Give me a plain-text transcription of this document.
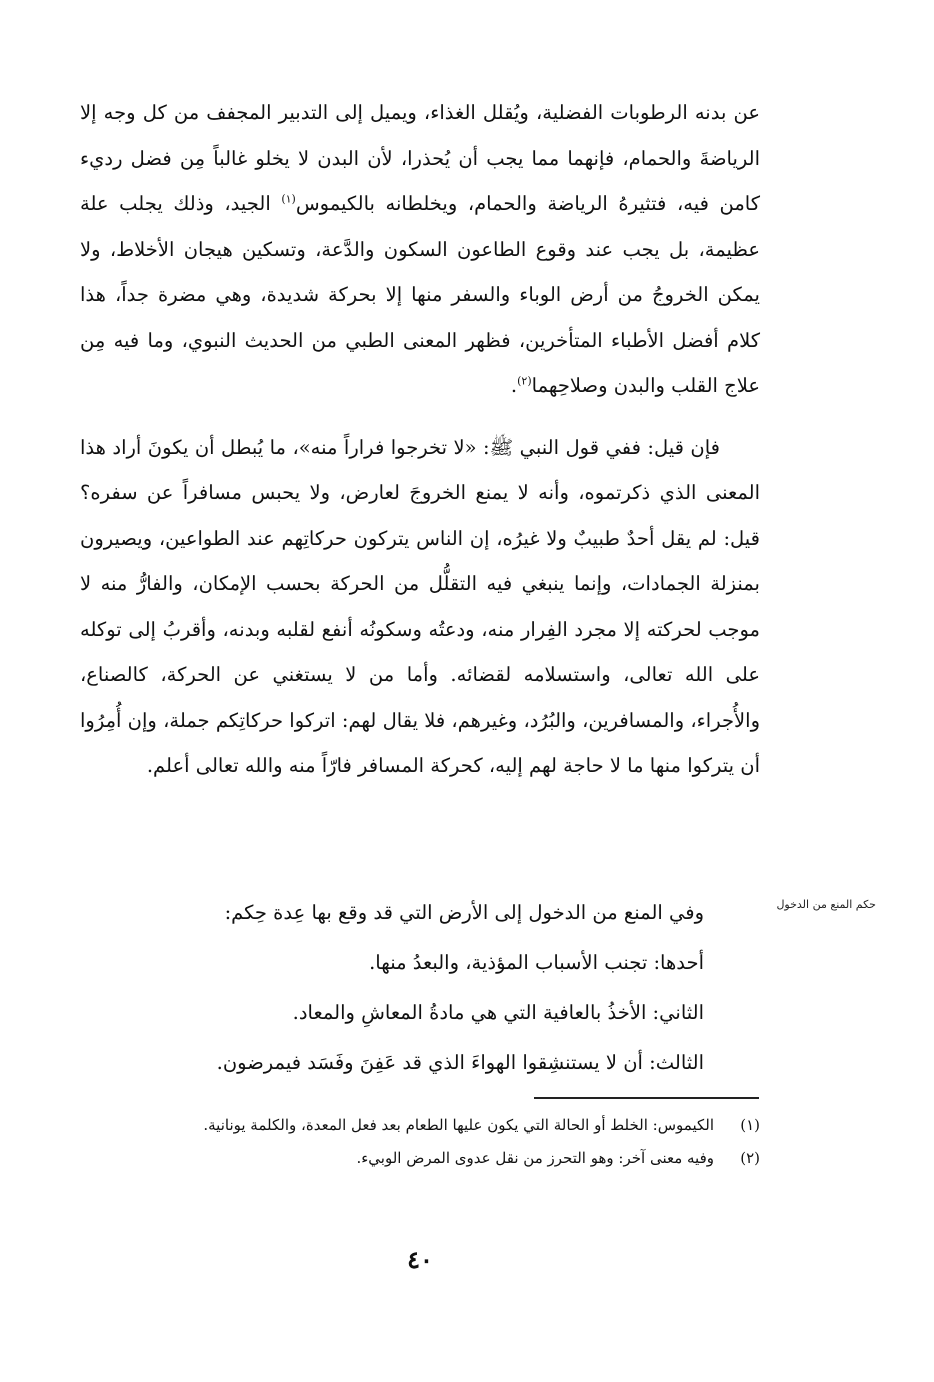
عن بدنه الرطوبات الفضلية، ويُقلل الغذاء، ويميل إلى التدبير المجفف من كل وجه إلا الرياضةَ والحمام، فإنهما مما يجب أن يُحذرا، لأن البدن لا يخلو غالباً مِن فضل رديء كامن فيه، فتثيرهُ الرياضة والحمام، ويخلطانه بالكيموس$^{(١)}$ الجيد، وذلك يجلب علة عظيمة، بل يجب عند وقوع الطاعون السكون والدَّعة، وتسكين هيجان الأخلاط، ولا يمكن الخروجُ من أرض الوباء والسفر منها إلا بحركة شديدة، وهي مضرة جداً، هذا كلام أفضل الأطباء المتأخرين، فظهر المعنى الطبي من الحديث النبوي، وما فيه مِن علاج القلب والبدن وصلاحِهما$^{(٢)}$.

فإن قيل: ففي قول النبي ﷺ: «لا تخرجوا فراراً منه»، ما يُبطل أن يكونَ أراد هذا المعنى الذي ذكرتموه، وأنه لا يمنع الخروجَ لعارض، ولا يحبس مسافراً عن سفره؟ قيل: لم يقل أحدٌ طبيبٌ ولا غيرُه، إن الناس يتركون حركاتِهم عند الطواعين، ويصيرون بمنزلة الجمادات، وإنما ينبغي فيه التقلُّل من الحركة بحسب الإمكان، والفارُّ منه لا موجب لحركته إلا مجرد الفِرار منه، ودعتُه وسكونُه أنفع لقلبه وبدنه، وأقربُ إلى توكله على الله تعالى، واستسلامه لقضائه. وأما من لا يستغني عن الحركة، كالصناع، والأُجراء، والمسافرين، والبُرُد، وغيرهم، فلا يقال لهم: اتركوا حركاتِكم جملة، وإن أُمِرُوا أن يتركوا منها ما لا حاجة لهم إليه، كحركة المسافر فارّاً منه والله تعالى أعلم.

حكم المنع من الدخول

وفي المنع من الدخول إلى الأرض التي قد وقع بها عِدة حِكم:

أحدها: تجنب الأسباب المؤذية، والبعدُ منها.

الثاني: الأخذُ بالعافية التي هي مادةُ المعاشِ والمعاد.

الثالث: أن لا يستنشِقوا الهواءَ الذي قد عَفِنَ وفَسَد فيمرضون.

(١)
الكيموس: الخلط أو الحالة التي يكون عليها الطعام بعد فعل المعدة، والكلمة يونانية.
(٢)
وفيه معنى آخر: وهو التحرز من نقل عدوى المرض الوبيء.
٤٠
